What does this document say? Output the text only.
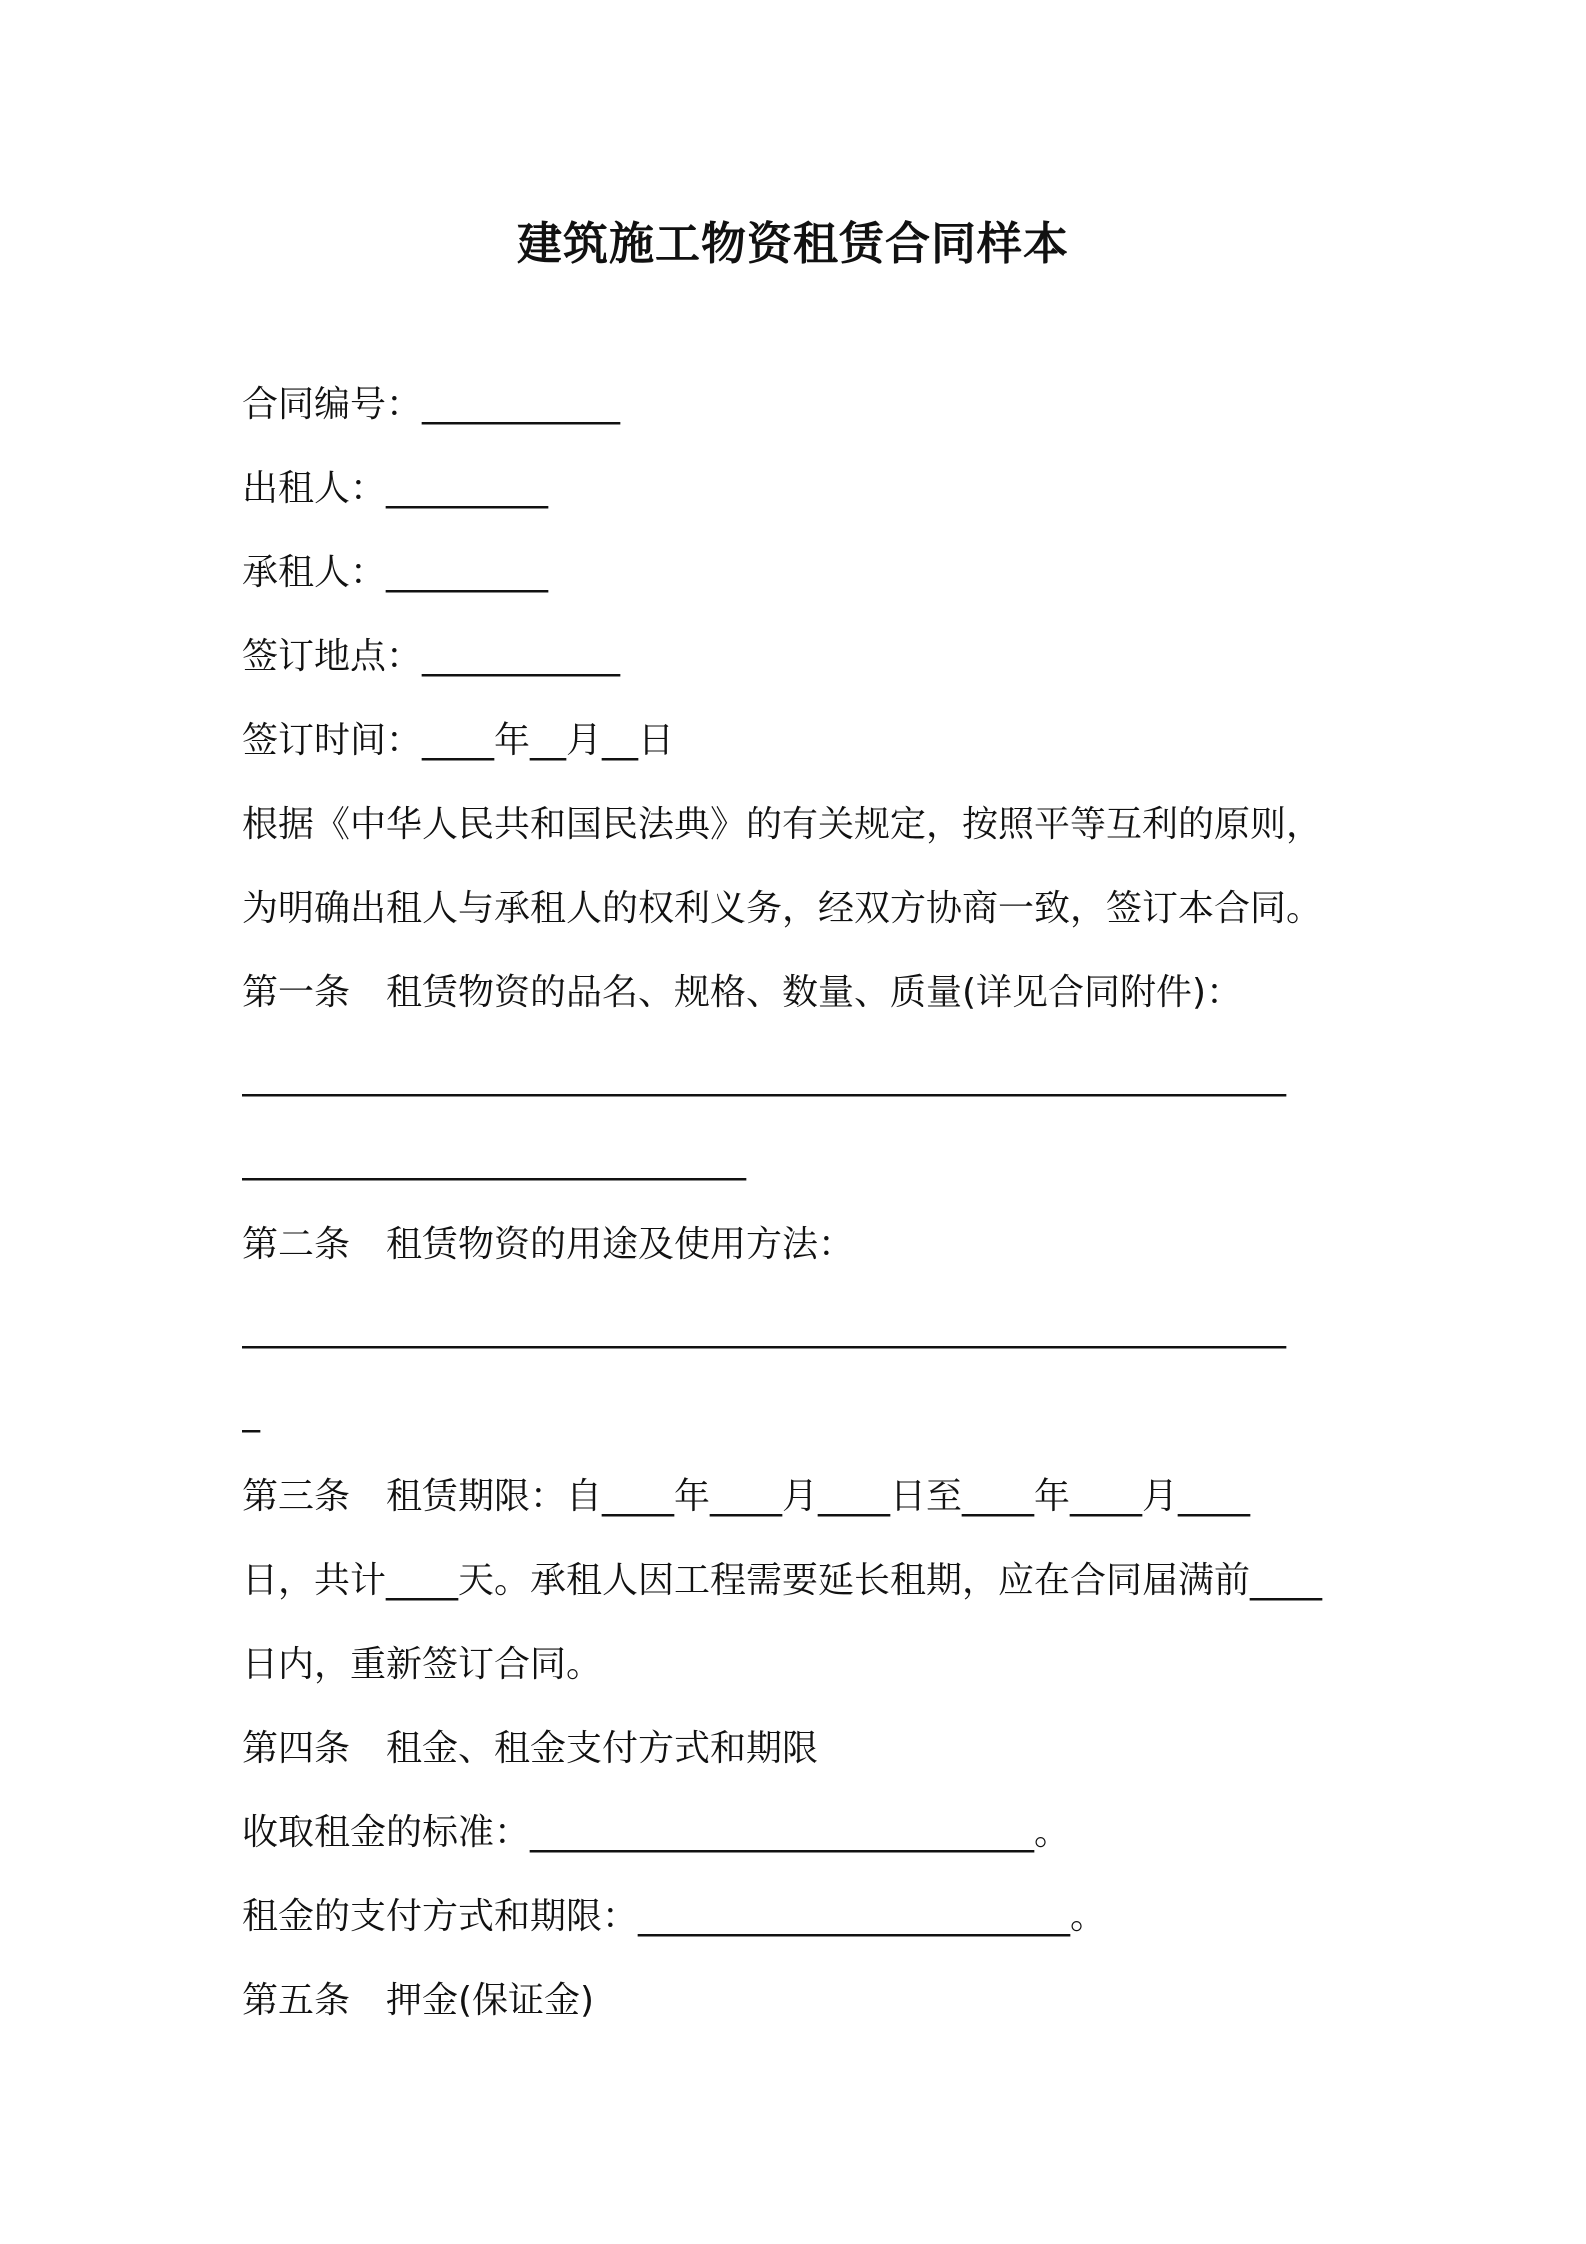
建筑施工物资租赁合同样本
合同编号：___________
出租人：_________
承租人：_________
签订地点：___________
签订时间：____年__月__日
根据《中华人民共和国民法典》的有关规定，按照平等互利的原则，
为明确出租人与承租人的权利义务，经双方协商一致，签订本合同。
第一条　租赁物资的品名、规格、数量、质量(详见合同附件)：
__________________________________________________________
____________________________
第二条　租赁物资的用途及使用方法：
__________________________________________________________
_
第三条　租赁期限：自____年____月____日至____年____月____
日，共计____天。承租人因工程需要延长租期，应在合同届满前____
日内，重新签订合同。
第四条　租金、租金支付方式和期限
收取租金的标准：____________________________。
租金的支付方式和期限：________________________。
第五条　押金(保证金)
